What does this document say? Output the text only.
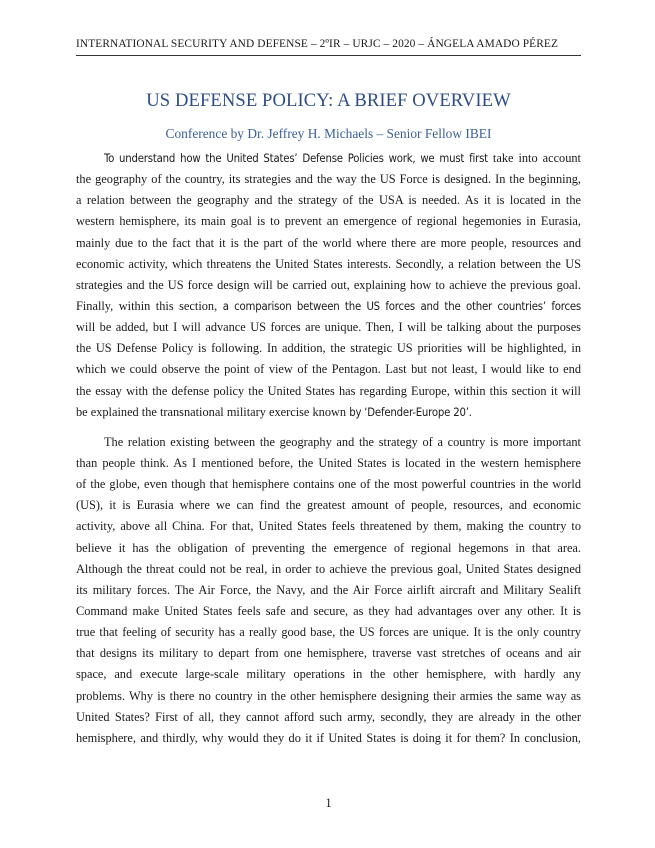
INTERNATIONAL SECURITY AND DEFENSE – 2ºIR – URJC – 2020 – ÁNGELA AMADO PÉREZ
US DEFENSE POLICY: A BRIEF OVERVIEW
Conference by Dr. Jeffrey H. Michaels – Senior Fellow IBEI
To understand how the United States’ Defense Policies work, we must first take into account
the geography of the country, its strategies and the way the US Force is designed. In the beginning,
a relation between the geography and the strategy of the USA is needed. As it is located in the
western hemisphere, its main goal is to prevent an emergence of regional hegemonies in Eurasia,
mainly due to the fact that it is the part of the world where there are more people, resources and
economic activity, which threatens the United States interests. Secondly, a relation between the US
strategies and the US force design will be carried out, explaining how to achieve the previous goal.
Finally, within this section, a comparison between the US forces and the other countries’ forces
will be added, but I will advance US forces are unique. Then, I will be talking about the purposes
the US Defense Policy is following. In addition, the strategic US priorities will be highlighted, in
which we could observe the point of view of the Pentagon. Last but not least, I would like to end
the essay with the defense policy the United States has regarding Europe, within this section it will
be explained the transnational military exercise known by ‘Defender-Europe 20’.
The relation existing between the geography and the strategy of a country is more important
than people think. As I mentioned before, the United States is located in the western hemisphere
of the globe, even though that hemisphere contains one of the most powerful countries in the world
(US), it is Eurasia where we can find the greatest amount of people, resources, and economic
activity, above all China. For that, United States feels threatened by them, making the country to
believe it has the obligation of preventing the emergence of regional hegemons in that area.
Although the threat could not be real, in order to achieve the previous goal, United States designed
its military forces. The Air Force, the Navy, and the Air Force airlift aircraft and Military Sealift
Command make United States feels safe and secure, as they had advantages over any other. It is
true that feeling of security has a really good base, the US forces are unique. It is the only country
that designs its military to depart from one hemisphere, traverse vast stretches of oceans and air
space, and execute large-scale military operations in the other hemisphere, with hardly any
problems. Why is there no country in the other hemisphere designing their armies the same way as
United States? First of all, they cannot afford such army, secondly, they are already in the other
hemisphere, and thirdly, why would they do it if United States is doing it for them? In conclusion,
1
